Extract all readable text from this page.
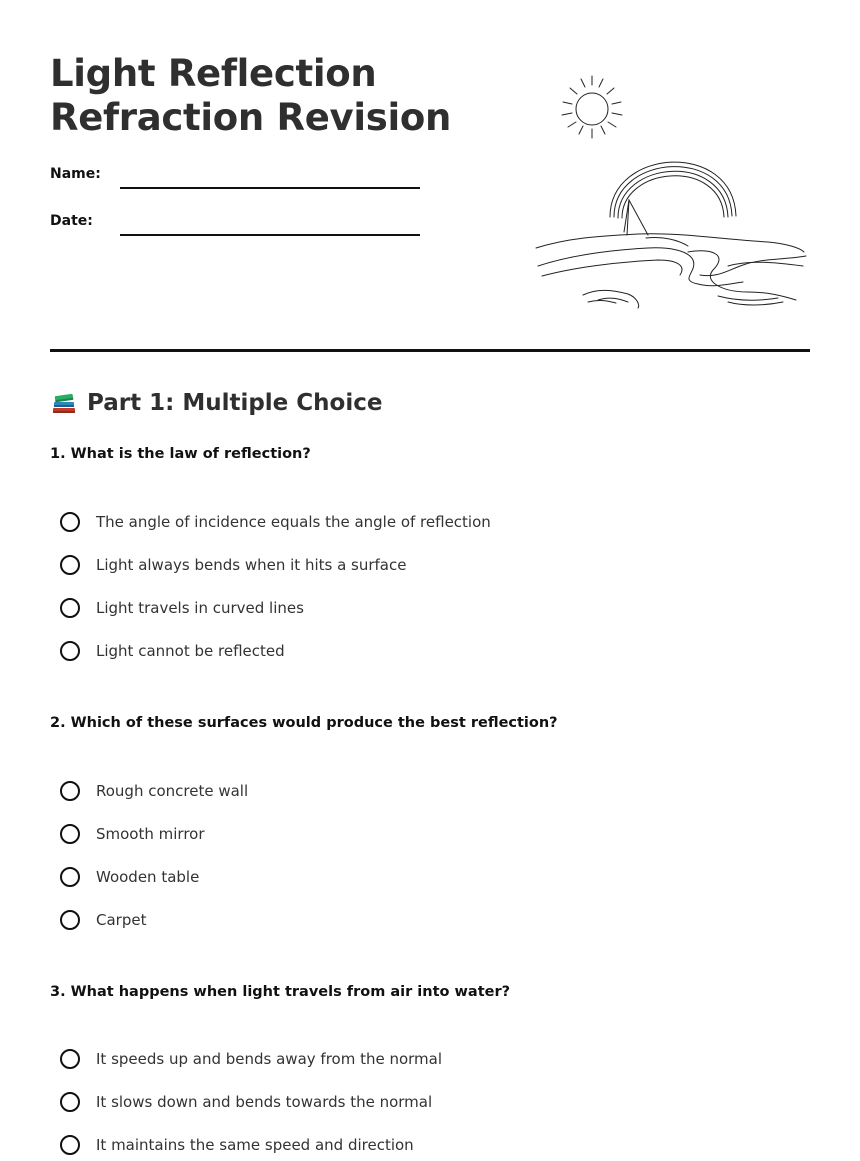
Light Reflection
Refraction Revision
Name:
Date:
Part 1: Multiple Choice

1. What is the law of reflection?

The angle of incidence equals the angle of reflection
Light always bends when it hits a surface
Light travels in curved lines
Light cannot be reflected

2. Which of these surfaces would produce the best reflection?

Rough concrete wall
Smooth mirror
Wooden table
Carpet

3. What happens when light travels from air into water?

It speeds up and bends away from the normal
It slows down and bends towards the normal
It maintains the same speed and direction
